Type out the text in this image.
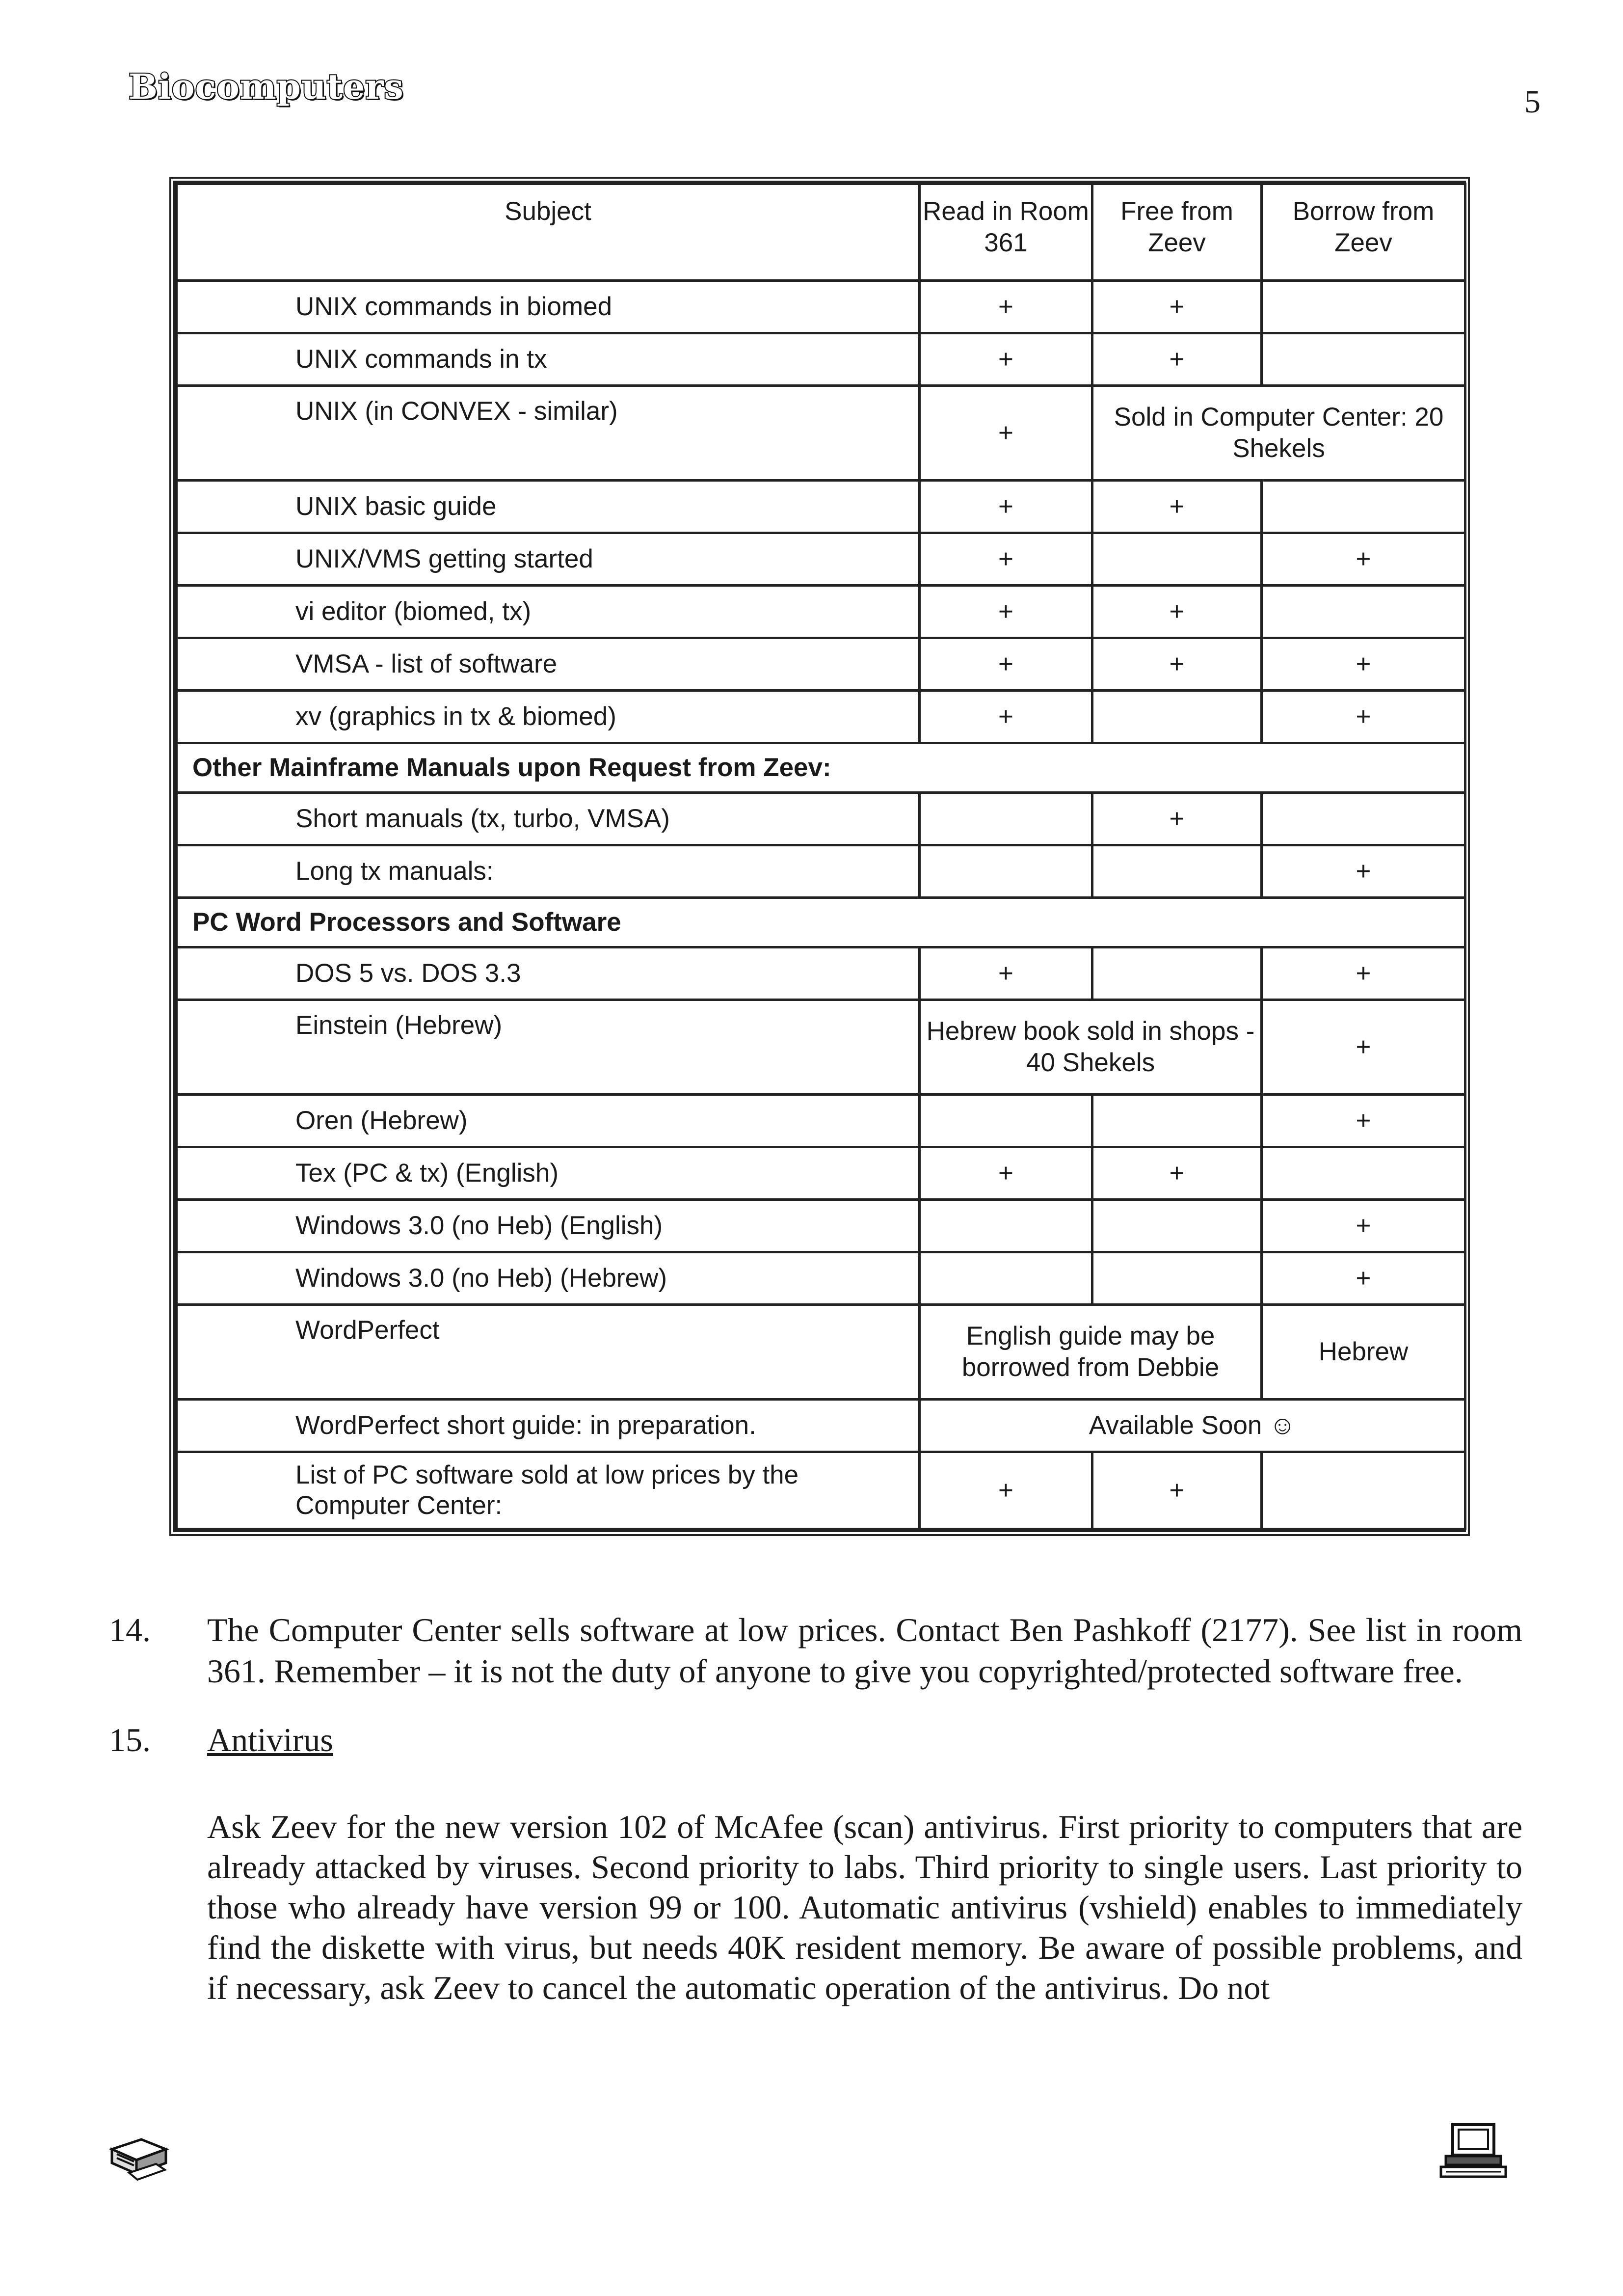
Biocomputers	5
Subject	Read in Room 361	Free from Zeev	Borrow from Zeev
UNIX commands in biomed	+	+	
UNIX commands in tx	+	+	
UNIX (in CONVEX - similar)	+	Sold in Computer Center: 20 Shekels	
UNIX basic guide	+	+	
UNIX/VMS getting started	+		+
vi editor (biomed, tx)	+	+	
VMSA - list of software	+	+	+
xv (graphics in tx & biomed)	+		+
Other Mainframe Manuals upon Request from Zeev:			
Short manuals (tx, turbo, VMSA)		+	
Long tx manuals:			+
PC Word Processors and Software			
DOS 5 vs. DOS 3.3	+		+
Einstein (Hebrew)	Hebrew book sold in shops - 40 Shekels		+
Oren (Hebrew)			+
Tex (PC & tx) (English)	+	+	
Windows 3.0 (no Heb) (English)			+
Windows 3.0 (no Heb) (Hebrew)			+
WordPerfect	English guide may be borrowed from Debbie		Hebrew
WordPerfect short guide: in preparation.	Available Soon ☺		
List of PC software sold at low prices by the Computer Center:	+	+	
14. The Computer Center sells software at low prices. Contact Ben Pashkoff (2177). See list in room 361. Remember – it is not the duty of anyone to give you copyrighted/protected software free.
15. Antivirus
Ask Zeev for the new version 102 of McAfee (scan) antivirus. First priority to computers that are already attacked by viruses. Second priority to labs. Third priority to single users. Last priority to those who already have version 99 or 100. Automatic antivirus (vshield) enables to immediately find the diskette with virus, but needs 40K resident memory. Be aware of possible problems, and if necessary, ask Zeev to cancel the automatic operation of the antivirus. Do not
